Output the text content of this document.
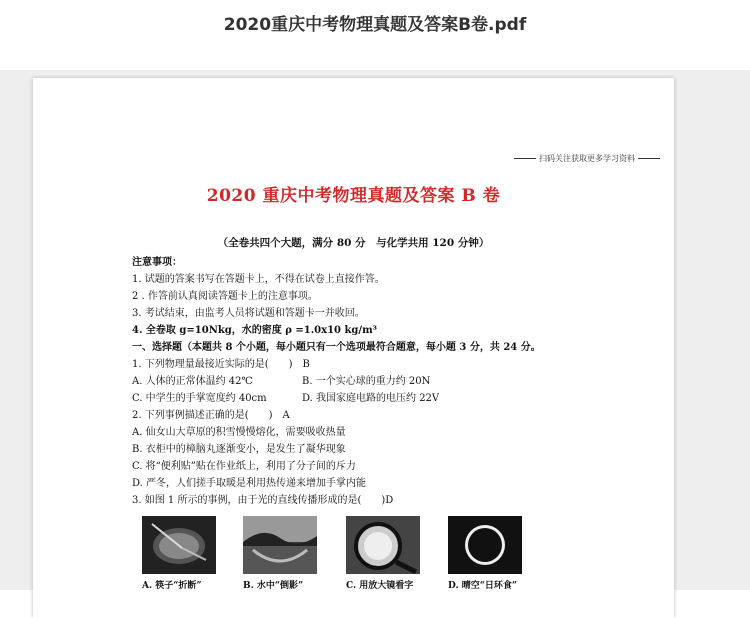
2020重庆中考物理真题及答案B卷.pdf
扫码关注获取更多学习资料
2020 重庆中考物理真题及答案 B 卷
（全卷共四个大题，满分 80 分　与化学共用 120 分钟）
注意事项：
1. 试题的答案书写在答题卡上，不得在试卷上直接作答。
2 . 作答前认真阅读答题卡上的注意事项。
3. 考试结束，由监考人员将试题和答题卡一并收回。
4. 全卷取 g=10Nkg，水的密度 ρ =1.0x10 kg/m³
一、选择题（本题共 8 个小题，每小题只有一个选项最符合题意，每小题 3 分，共 24 分。
1. 下列物理量最接近实际的是(　　)　B
A. 人体的正常体温约 42℃	B. 一个实心球的重力约 20N
C. 中学生的手掌宽度约 40cm	D. 我国家庭电路的电压约 22V
2. 下列事例描述正确的是(　　)　A
A. 仙女山大草原的积雪慢慢熔化，需要吸收热量
B. 衣柜中的樟脑丸逐渐变小，是发生了凝华现象
C. 将“便利贴”贴在作业纸上，利用了分子间的斥力
D. 严冬，人们搓手取暖是利用热传递来增加手掌内能
3. 如图 1 所示的事例，由于光的直线传播形成的是(　　)D
A. 筷子“折断”	B. 水中“倒影”	C. 用放大镜看字	D. 晴空“日环食”
